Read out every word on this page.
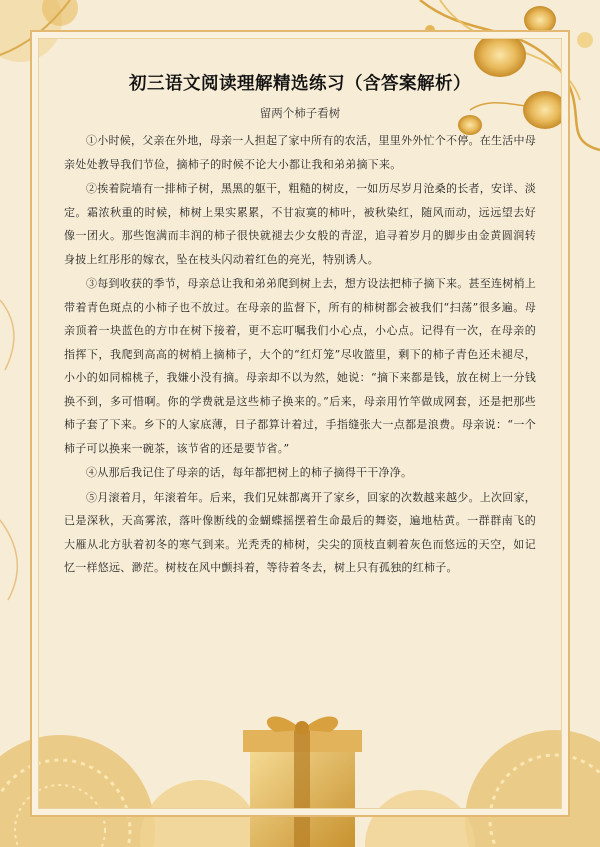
初三语文阅读理解精选练习（含答案解析）
留两个柿子看树

①小时候，父亲在外地，母亲一人担起了家中所有的农活，里里外外忙个不停。在生活中母亲处处教导我们节俭，摘柿子的时候不论大小都让我和弟弟摘下来。

②挨着院墙有一排柿子树，黑黑的躯干，粗糙的树皮，一如历尽岁月沧桑的长者，安详、淡定。霜浓秋重的时候，柿树上果实累累，不甘寂寞的柿叶，被秋染红，随风而动，远远望去好像一团火。那些饱满而丰润的柿子很快就褪去少女般的青涩，追寻着岁月的脚步由金黄圆润转身披上红彤彤的嫁衣，坠在枝头闪动着红色的亮光，特别诱人。

③每到收获的季节，母亲总让我和弟弟爬到树上去，想方设法把柿子摘下来。甚至连树梢上带着青色斑点的小柿子也不放过。在母亲的监督下，所有的柿树都会被我们“扫荡”很多遍。母亲顶着一块蓝色的方巾在树下接着，更不忘叮嘱我们小心点，小心点。记得有一次，在母亲的指挥下，我爬到高高的树梢上摘柿子，大个的“红灯笼”尽收篮里，剩下的柿子青色还未褪尽，小小的如同棉桃子，我嫌小没有摘。母亲却不以为然，她说：“摘下来都是钱，放在树上一分钱换不到，多可惜啊。你的学费就是这些柿子换来的。”后来，母亲用竹竿做成网套，还是把那些柿子套了下来。乡下的人家底薄，日子都算计着过，手指缝张大一点都是浪费。母亲说：“一个柿子可以换来一碗茶，该节省的还是要节省。”

④从那后我记住了母亲的话，每年都把树上的柿子摘得干干净净。

⑤月滚着月，年滚着年。后来，我们兄妹都离开了家乡，回家的次数越来越少。上次回家，已是深秋，天高雾浓，落叶像断线的金蝴蝶摇摆着生命最后的舞姿，遍地枯黄。一群群南飞的大雁从北方驮着初冬的寒气到来。光秃秃的柿树，尖尖的顶枝直刺着灰色而悠远的天空，如记忆一样悠远、渺茫。树枝在风中颤抖着，等待着冬去，树上只有孤独的红柿子。
